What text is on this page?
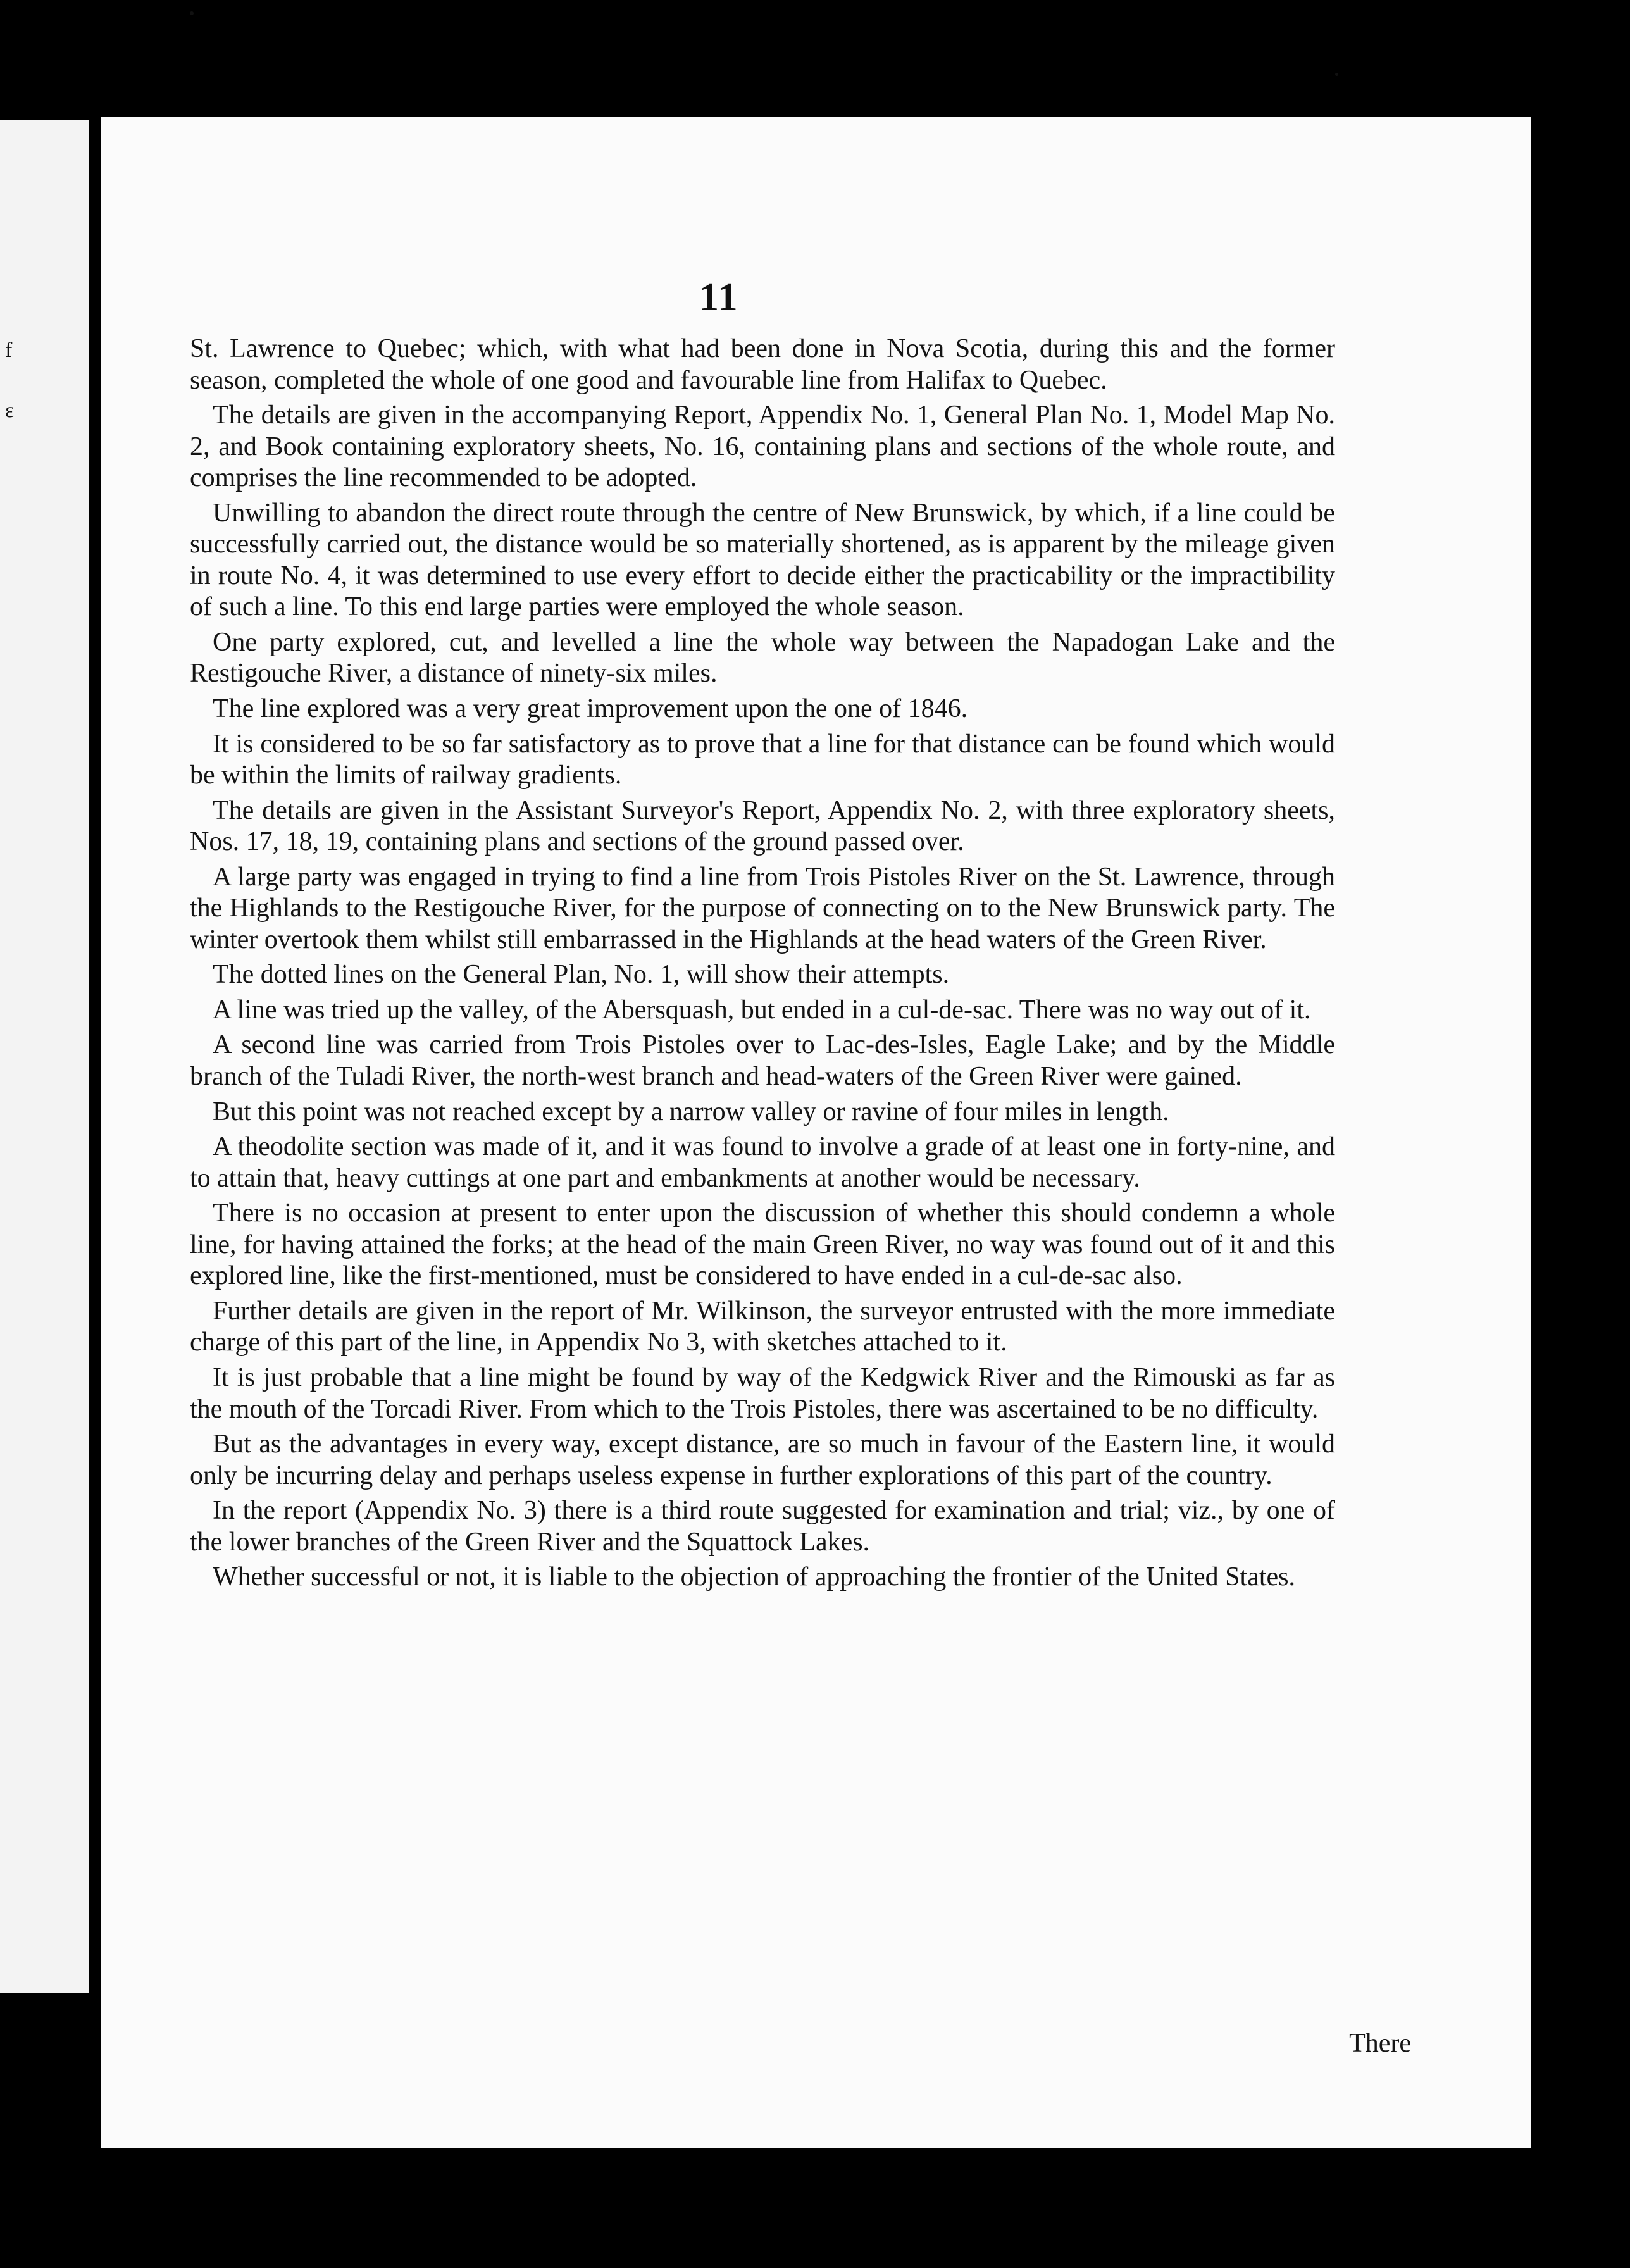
f
ε
11

St. Lawrence to Quebec; which, with what had been done in Nova Scotia, during this and the former season, completed the whole of one good and favourable line from Halifax to Quebec.

The details are given in the accompanying Report, Appendix No. 1, General Plan No. 1, Model Map No. 2, and Book containing exploratory sheets, No. 16, containing plans and sections of the whole route, and comprises the line recommended to be adopted.

Unwilling to abandon the direct route through the centre of New Brunswick, by which, if a line could be successfully carried out, the distance would be so materially shortened, as is apparent by the mileage given in route No. 4, it was determined to use every effort to decide either the practicability or the impractibility of such a line. To this end large parties were employed the whole season.

One party explored, cut, and levelled a line the whole way between the Napadogan Lake and the Restigouche River, a distance of ninety-six miles.

The line explored was a very great improvement upon the one of 1846.

It is considered to be so far satisfactory as to prove that a line for that distance can be found which would be within the limits of railway gradients.

The details are given in the Assistant Surveyor's Report, Appendix No. 2, with three exploratory sheets, Nos. 17, 18, 19, containing plans and sections of the ground passed over.

A large party was engaged in trying to find a line from Trois Pistoles River on the St. Lawrence, through the Highlands to the Restigouche River, for the purpose of connecting on to the New Brunswick party. The winter overtook them whilst still embarrassed in the Highlands at the head waters of the Green River.

The dotted lines on the General Plan, No. 1, will show their attempts.

A line was tried up the valley, of the Abersquash, but ended in a cul-de-sac. There was no way out of it.

A second line was carried from Trois Pistoles over to Lac-des-Isles, Eagle Lake; and by the Middle branch of the Tuladi River, the north-west branch and head-waters of the Green River were gained.

But this point was not reached except by a narrow valley or ravine of four miles in length.

A theodolite section was made of it, and it was found to involve a grade of at least one in forty-nine, and to attain that, heavy cuttings at one part and embankments at another would be necessary.

There is no occasion at present to enter upon the discussion of whether this should condemn a whole line, for having attained the forks; at the head of the main Green River, no way was found out of it and this explored line, like the first-mentioned, must be considered to have ended in a cul-de-sac also.

Further details are given in the report of Mr. Wilkinson, the surveyor entrusted with the more immediate charge of this part of the line, in Appendix No 3, with sketches attached to it.

It is just probable that a line might be found by way of the Kedgwick River and the Rimouski as far as the mouth of the Torcadi River. From which to the Trois Pistoles, there was ascertained to be no difficulty.

But as the advantages in every way, except distance, are so much in favour of the Eastern line, it would only be incurring delay and perhaps useless expense in further explorations of this part of the country.

In the report (Appendix No. 3) there is a third route suggested for examination and trial; viz., by one of the lower branches of the Green River and the Squattock Lakes.

Whether successful or not, it is liable to the objection of approaching the frontier of the United States.

There
